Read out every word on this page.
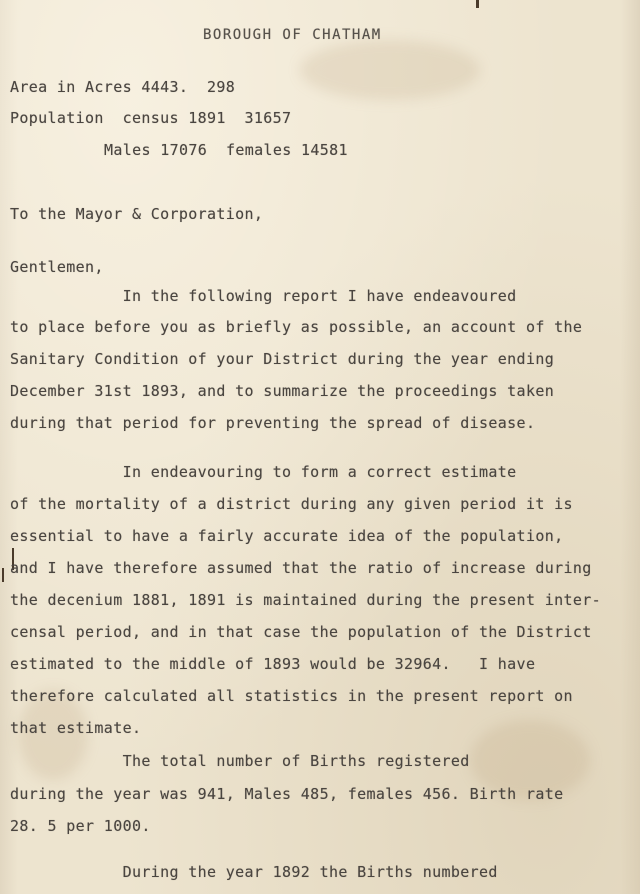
BOROUGH OF CHATHAM
Area in Acres 4443.  298
Population  census 1891  31657
Males 17076  females 14581
To the Mayor & Corporation,
Gentlemen,
In the following report I have endeavoured
to place before you as briefly as possible, an account of the
Sanitary Condition of your District during the year ending
December 31st 1893, and to summarize the proceedings taken
during that period for preventing the spread of disease.
In endeavouring to form a correct estimate
of the mortality of a district during any given period it is
essential to have a fairly accurate idea of the population,
and I have therefore assumed that the ratio of increase during
the decenium 1881, 1891 is maintained during the present inter-
censal period, and in that case the population of the District
estimated to the middle of 1893 would be 32964.   I have
therefore calculated all statistics in the present report on
that estimate.
The total number of Births registered
during the year was 941, Males 485, females 456. Birth rate
28. 5 per 1000.
During the year 1892 the Births numbered
